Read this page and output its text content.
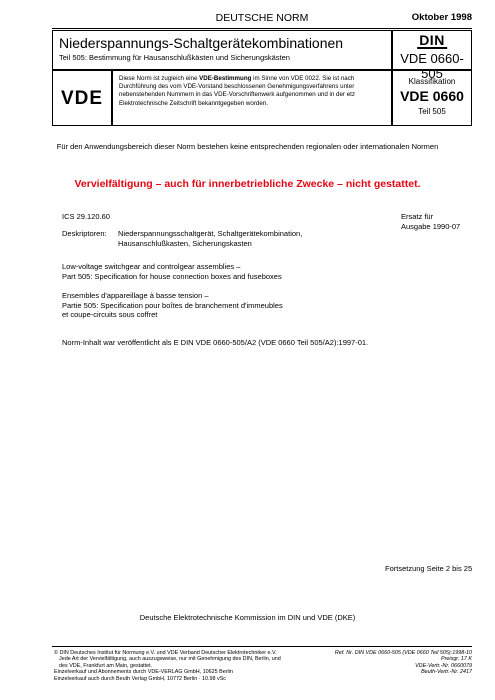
DEUTSCHE NORM	Oktober 1998
Niederspannungs-Schaltgerätekombinationen
Teil 505: Bestimmung für Hausanschlußkästen und Sicherungskästen
DIN
VDE 0660-505
VDE
Diese Norm ist zugleich eine VDE-Bestimmung im Sinne von VDE 0022. Sie ist nach Durchführung des vom VDE-Vorstand beschlossenen Genehmigungsverfahrens unter nebenstehenden Nummern in das VDE-Vorschriftenwerk aufgenommen und in der etz Elektrotechnische Zeitschrift bekanntgegeben worden.
Klassifikation
VDE 0660
Teil 505
Für den Anwendungsbereich dieser Norm bestehen keine entsprechenden regionalen oder internationalen Normen
Vervielfältigung – auch für innerbetriebliche Zwecke – nicht gestattet.
ICS 29.120.60	Ersatz für
Ausgabe 1990-07
Deskriptoren: Niederspannungsschaltgerät, Schaltgerätekombination,
Hausanschlußkasten, Sicherungskasten
Low-voltage switchgear and controlgear assemblies –
Part 505: Specification for house connection boxes and fuseboxes
Ensembles d'appareillage à basse tension –
Partie 505: Specification pour boîtes de branchement d'immeubles
et coupe-circuits sous coffret
Norm-Inhalt war veröffentlicht als E DIN VDE 0660-505/A2 (VDE 0660 Teil 505/A2):1997-01.
Fortsetzung Seite 2 bis 25
Deutsche Elektrotechnische Kommission im DIN und VDE (DKE)
© DIN Deutsches Institut für Normung e.V. und VDE Verband Deutscher Elektrotechniker e.V.
Jede Art der Vervielfältigung, auch auszugsweise, nur mit Genehmigung des DIN, Berlin, und
des VDE, Frankfurt am Main, gestattet.
Einzelverkauf und Abonnements durch VDE-VERLAG GmbH, 10625 Berlin
Einzelverkauf auch durch Beuth Verlag GmbH, 10772 Berlin · 10.98 vSc
Ref. Nr. DIN VDE 0660-505 (VDE 0660 Teil 505):1998-10
Preisgr. 17 K
VDE-Vertr.-Nr. 0660079
Beuth-Vertr.-Nr. 2417
